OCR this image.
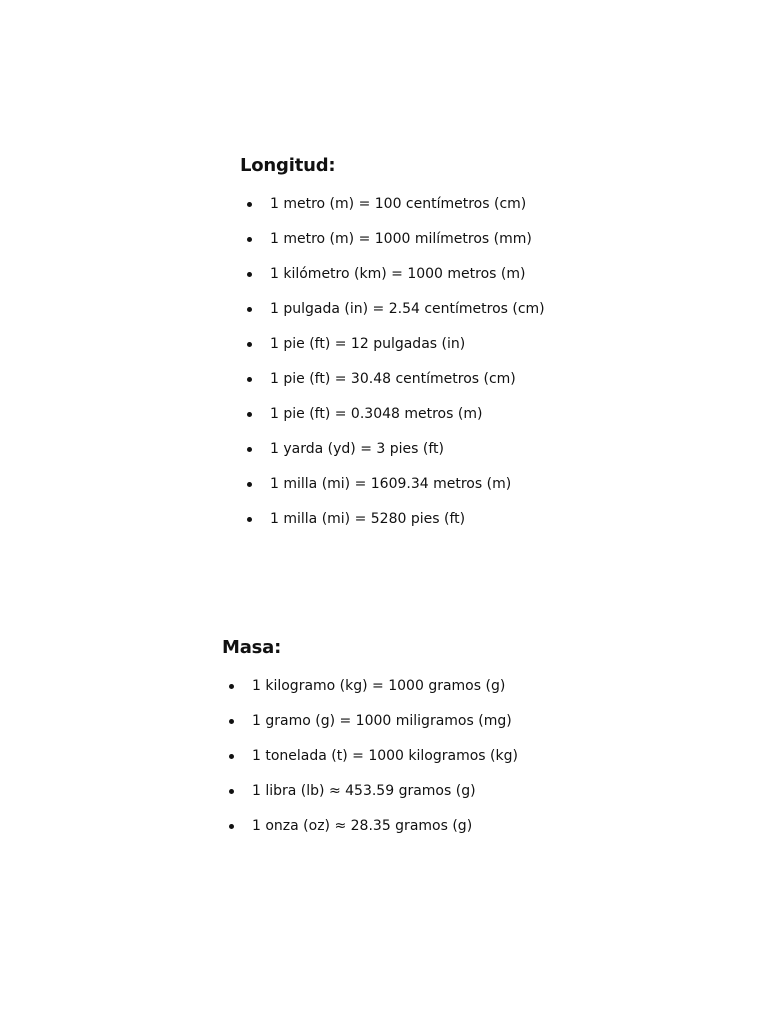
Longitud:
1 metro (m) = 100 centímetros (cm)
1 metro (m) = 1000 milímetros (mm)
1 kilómetro (km) = 1000 metros (m)
1 pulgada (in) = 2.54 centímetros (cm)
1 pie (ft) = 12 pulgadas (in)
1 pie (ft) = 30.48 centímetros (cm)
1 pie (ft) = 0.3048 metros (m)
1 yarda (yd) = 3 pies (ft)
1 milla (mi) = 1609.34 metros (m)
1 milla (mi) = 5280 pies (ft)
Masa:
1 kilogramo (kg) = 1000 gramos (g)
1 gramo (g) = 1000 miligramos (mg)
1 tonelada (t) = 1000 kilogramos (kg)
1 libra (lb) ≈ 453.59 gramos (g)
1 onza (oz) ≈ 28.35 gramos (g)
